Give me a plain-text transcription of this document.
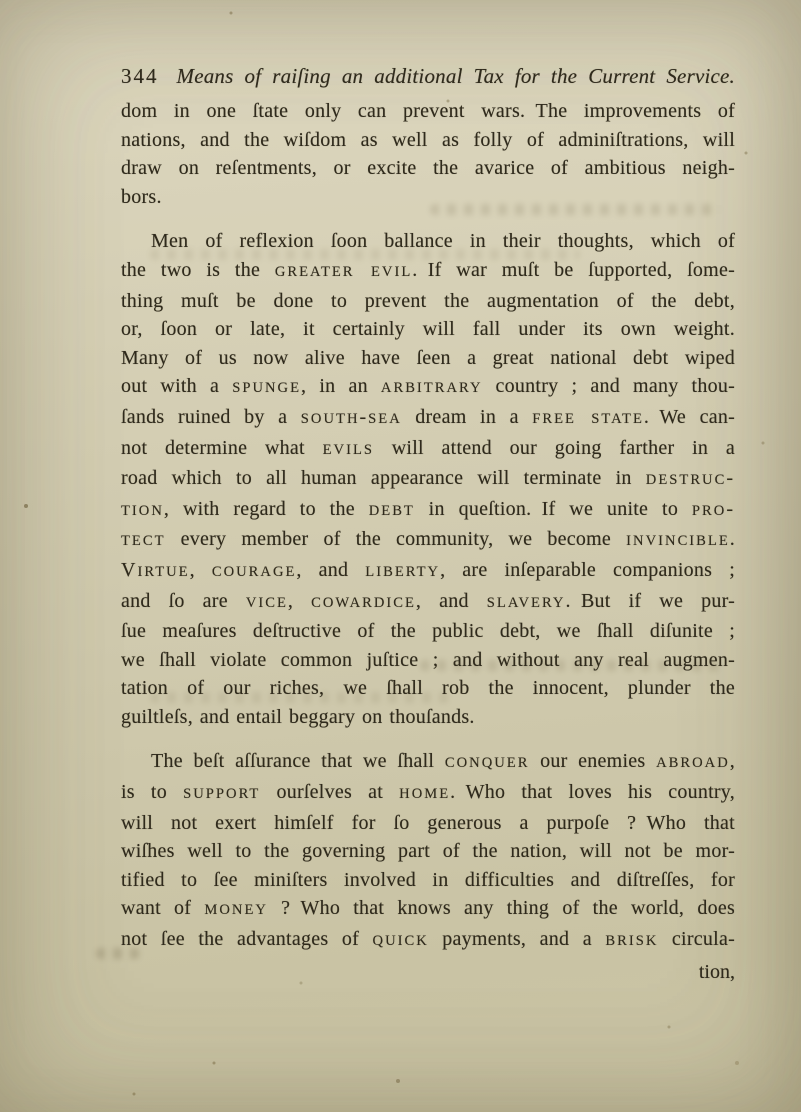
344 Means of raiſing an additional Tax for the Current Service.
dom in one ſtate only can prevent wars. The improvements of
nations, and the wiſdom as well as folly of adminiſtrations, will
draw on reſentments, or excite the avarice of ambitious neigh-
bors.
Men of reflexion ſoon ballance in their thoughts, which of
the two is the GREATER EVIL. If war muſt be ſupported, ſome-
thing muſt be done to prevent the augmentation of the debt,
or, ſoon or late, it certainly will fall under its own weight.
Many of us now alive have ſeen a great national debt wiped
out with a SPUNGE, in an ARBITRARY country ; and many thou-
ſands ruined by a SOUTH-SEA dream in a FREE STATE. We can-
not determine what EVILS will attend our going farther in a
road which to all human appearance will terminate in DESTRUC-
TION, with regard to the DEBT in queſtion. If we unite to PRO-
TECT every member of the community, we become INVINCIBLE.
VIRTUE, COURAGE, and LIBERTY, are inſeparable companions ;
and ſo are VICE, COWARDICE, and SLAVERY. But if we pur-
ſue meaſures deſtructive of the public debt, we ſhall diſunite ;
we ſhall violate common juſtice ; and without any real augmen-
tation of our riches, we ſhall rob the innocent, plunder the
guiltleſs, and entail beggary on thouſands.
The beſt aſſurance that we ſhall CONQUER our enemies ABROAD,
is to SUPPORT ourſelves at HOME. Who that loves his country,
will not exert himſelf for ſo generous a purpoſe ? Who that
wiſhes well to the governing part of the nation, will not be mor-
tified to ſee miniſters involved in difficulties and diſtreſſes, for
want of MONEY ? Who that knows any thing of the world, does
not ſee the advantages of QUICK payments, and a BRISK circula-
tion,
